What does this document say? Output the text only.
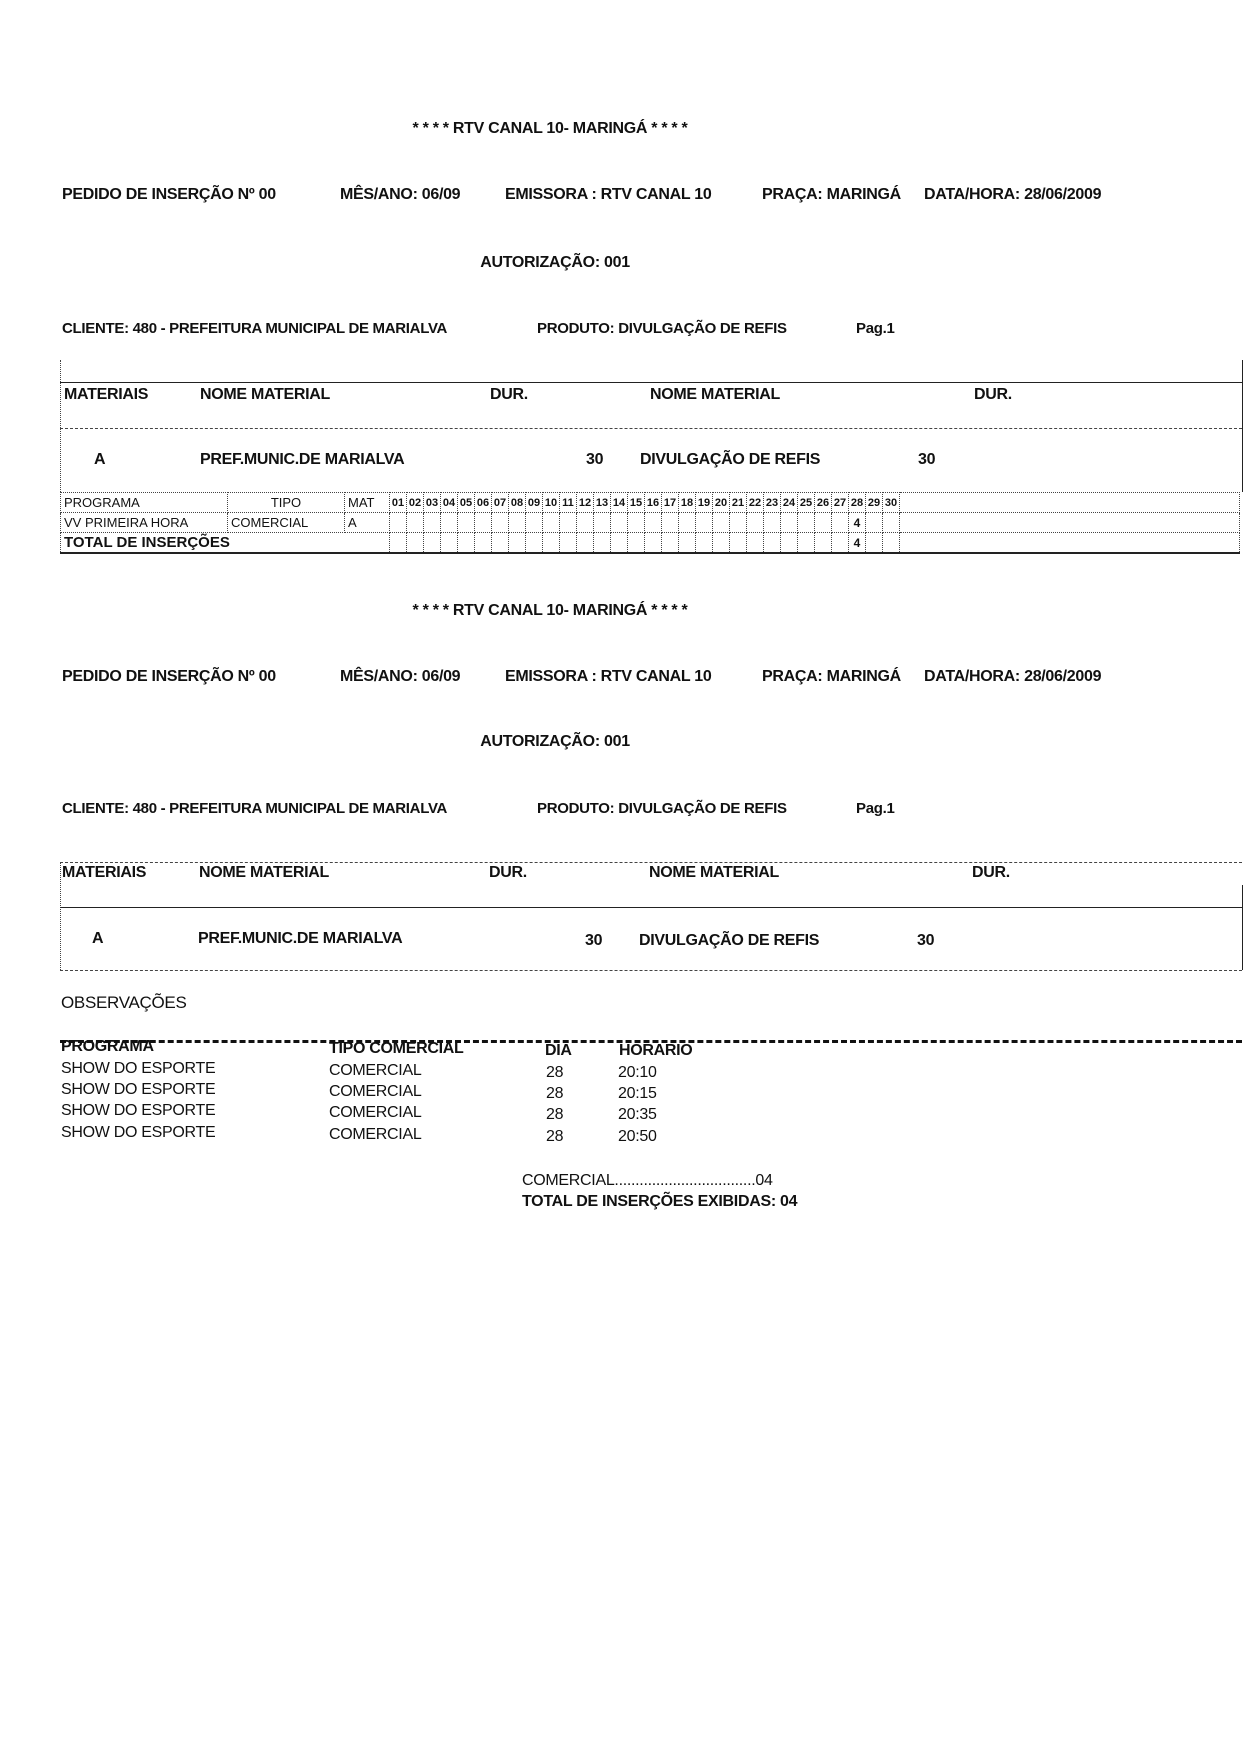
* * * * RTV CANAL 10- MARINGÁ * * * *
PEDIDO DE INSERÇÃO Nº 00	MÊS/ANO: 06/09	EMISSORA : RTV CANAL 10	PRAÇA: MARINGÁ DATA/HORA: 28/06/2009
AUTORIZAÇÃO: 001
CLIENTE: 480 - PREFEITURA MUNICIPAL DE MARIALVA	PRODUTO: DIVULGAÇÃO DE REFIS	Pag.1
MATERIAIS	NOME MATERIAL	DUR.	NOME MATERIAL	DUR.
A	PREF.MUNIC.DE MARIALVA	30 DIVULGAÇÃO DE REFIS	30
PROGRAMA	TIPO	MAT	01	02	03	04	05	06	07	08	09	10	11	12	13	14	15	16	17	18	19	20	21	22	23	24	25	26	27	28	29	30	
VV PRIMEIRA HORA	COMERCIAL	A																												4			
TOTAL DE INSERÇÕES																														4			
* * * * RTV CANAL 10- MARINGÁ * * * *
PEDIDO DE INSERÇÃO Nº 00	MÊS/ANO: 06/09	EMISSORA : RTV CANAL 10	PRAÇA: MARINGÁ DATA/HORA: 28/06/2009
AUTORIZAÇÃO: 001
CLIENTE: 480 - PREFEITURA MUNICIPAL DE MARIALVA	PRODUTO: DIVULGAÇÃO DE REFIS	Pag.1
MATERIAIS	NOME MATERIAL	DUR.	NOME MATERIAL	DUR.
A	PREF.MUNIC.DE MARIALVA	30 DIVULGAÇÃO DE REFIS	30
OBSERVAÇÕES
PROGRAMA	TIPO COMERCIAL	DIA	HORARIO
SHOW DO ESPORTE	COMERCIAL	28	20:10
SHOW DO ESPORTE	COMERCIAL	28	20:15
SHOW DO ESPORTE	COMERCIAL	28	20:35
SHOW DO ESPORTE	COMERCIAL	28	20:50
COMERCIAL..................................04
TOTAL DE INSERÇÕES EXIBIDAS: 04
